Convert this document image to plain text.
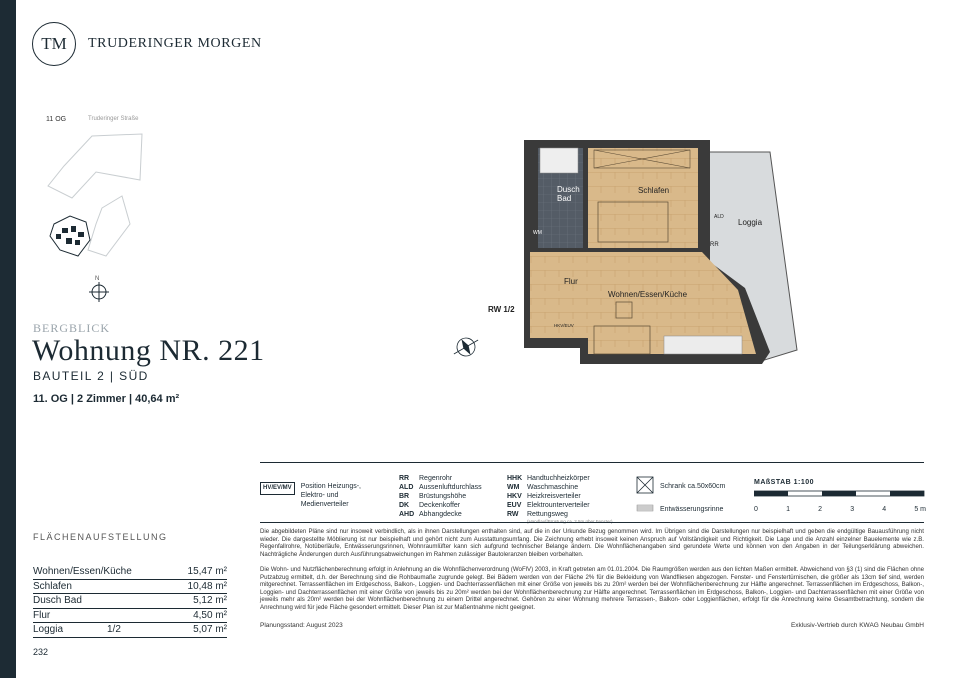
TM TRUDERINGER MORGEN
11 OG	Truderinger Straße
N
BERGBLICK
Wohnung NR. 221
BAUTEIL 2 | SÜD
11. OG | 2 Zimmer | 40,64 m²
FLÄCHENAUFSTELLUNG
Wohnen/Essen/Küche	15,47 m²
Schlafen	10,48 m²
Dusch Bad	5,12 m²
Flur	4,50 m²
Loggia	1/2	5,07 m²
232
Schlafen
Dusch
Bad
WM
Flur
Wohnen/Essen/Küche
Loggia
ALD
RR
HKV/EUV
RW 1/2
HV/EV/MV	Position Heizungs-, Elektro- und Medienverteiler
RR Regenrohr
ALD Aussenluftdurchlass
BR Brüstungshöhe
DK Deckenkoffer
AHD Abhangdecke
HHK Handtuchheizkörper
WM Waschmaschine
HKV Heizkreisverteiler
EUV Elektrounterverteiler
RW Rettungsweg
(Handlauf/Brüstung ca. 2.5m über Fenster)
Schrank ca.50x60cm
Entwässerungsrinne
MAßSTAB 1:100
0	1	2	3	4	5 m
Die abgebildeten Pläne sind nur insoweit verbindlich, als in ihnen Darstellungen enthalten sind, auf die in der Urkunde Bezug genommen wird. Im Übrigen sind die Darstellungen nur beispielhaft und geben die endgültige Bauausführung nicht wieder. Die dargestellte Möblierung ist nur beispielhaft und gehört nicht zum Ausstattungsumfang. Die Zeichnung erhebt insoweit keinen Anspruch auf Vollständigkeit und Richtigkeit. Die Lage und die Anzahl einzelner Bauelemente wie z.B. Regenfallrohre, Notüberläufe, Entwässerungsrinnen, Wohnraumlüfter kann sich aufgrund technischer Belange ändern. Die Wohnflächenangaben sind gerundete Werte und können von den Angaben in der Teilungserklärung abweichen. Nachträgliche Änderungen durch Ausführungsabweichungen im Rahmen zulässiger Bautoleranzen bleiben vorbehalten.
Die Wohn- und Nutzflächenberechnung erfolgt in Anlehnung an die Wohnflächenverordnung (WoFlV) 2003, in Kraft getreten am 01.01.2004. Die Raumgrößen werden aus den lichten Maßen ermittelt. Abweichend von §3 (1) sind die Flächen ohne Putzabzug ermittelt, d.h. der Berechnung sind die Rohbaumaße zugrunde gelegt. Bei Bädern werden von der Fläche 2% für die Bekleidung von Wandfliesen abgezogen. Fenster- und Fenstertürnischen, die größer als 13cm tief sind, werden mitgerechnet. Terrassenflächen im Erdgeschoss, Balkon-, Loggien- und Dachterrassenflächen mit einer Größe von jeweils bis zu 20m² werden bei der Wohnflächenberechnung zur Hälfte angerechnet. Terrassenflächen im Erdgeschoss, Balkon-, Loggien- und Dachterrassenflächen mit einer Größe von jeweils bis zu 20m² werden bei der Wohnflächenberechnung zur Hälfte angerechnet. Terrassenflächen im Erdgeschoss, Balkon-, Loggien- und Dachterrassenflächen mit einer Größe von jeweils mehr als 20m² werden bei der Wohnflächenberechnung zu einem Drittel angerechnet. Gehören zu einer Wohnung mehrere Terrassen-, Balkon- oder Loggienflächen, erfolgt für die Anrechnung keine Gesamtbetrachtung, sondern die Anrechnung wird für jede Fläche gesondert ermittelt. Dieser Plan ist zur Maßentnahme nicht geeignet.
Planungsstand: August 2023	Exklusiv-Vertrieb durch KWAG Neubau GmbH
